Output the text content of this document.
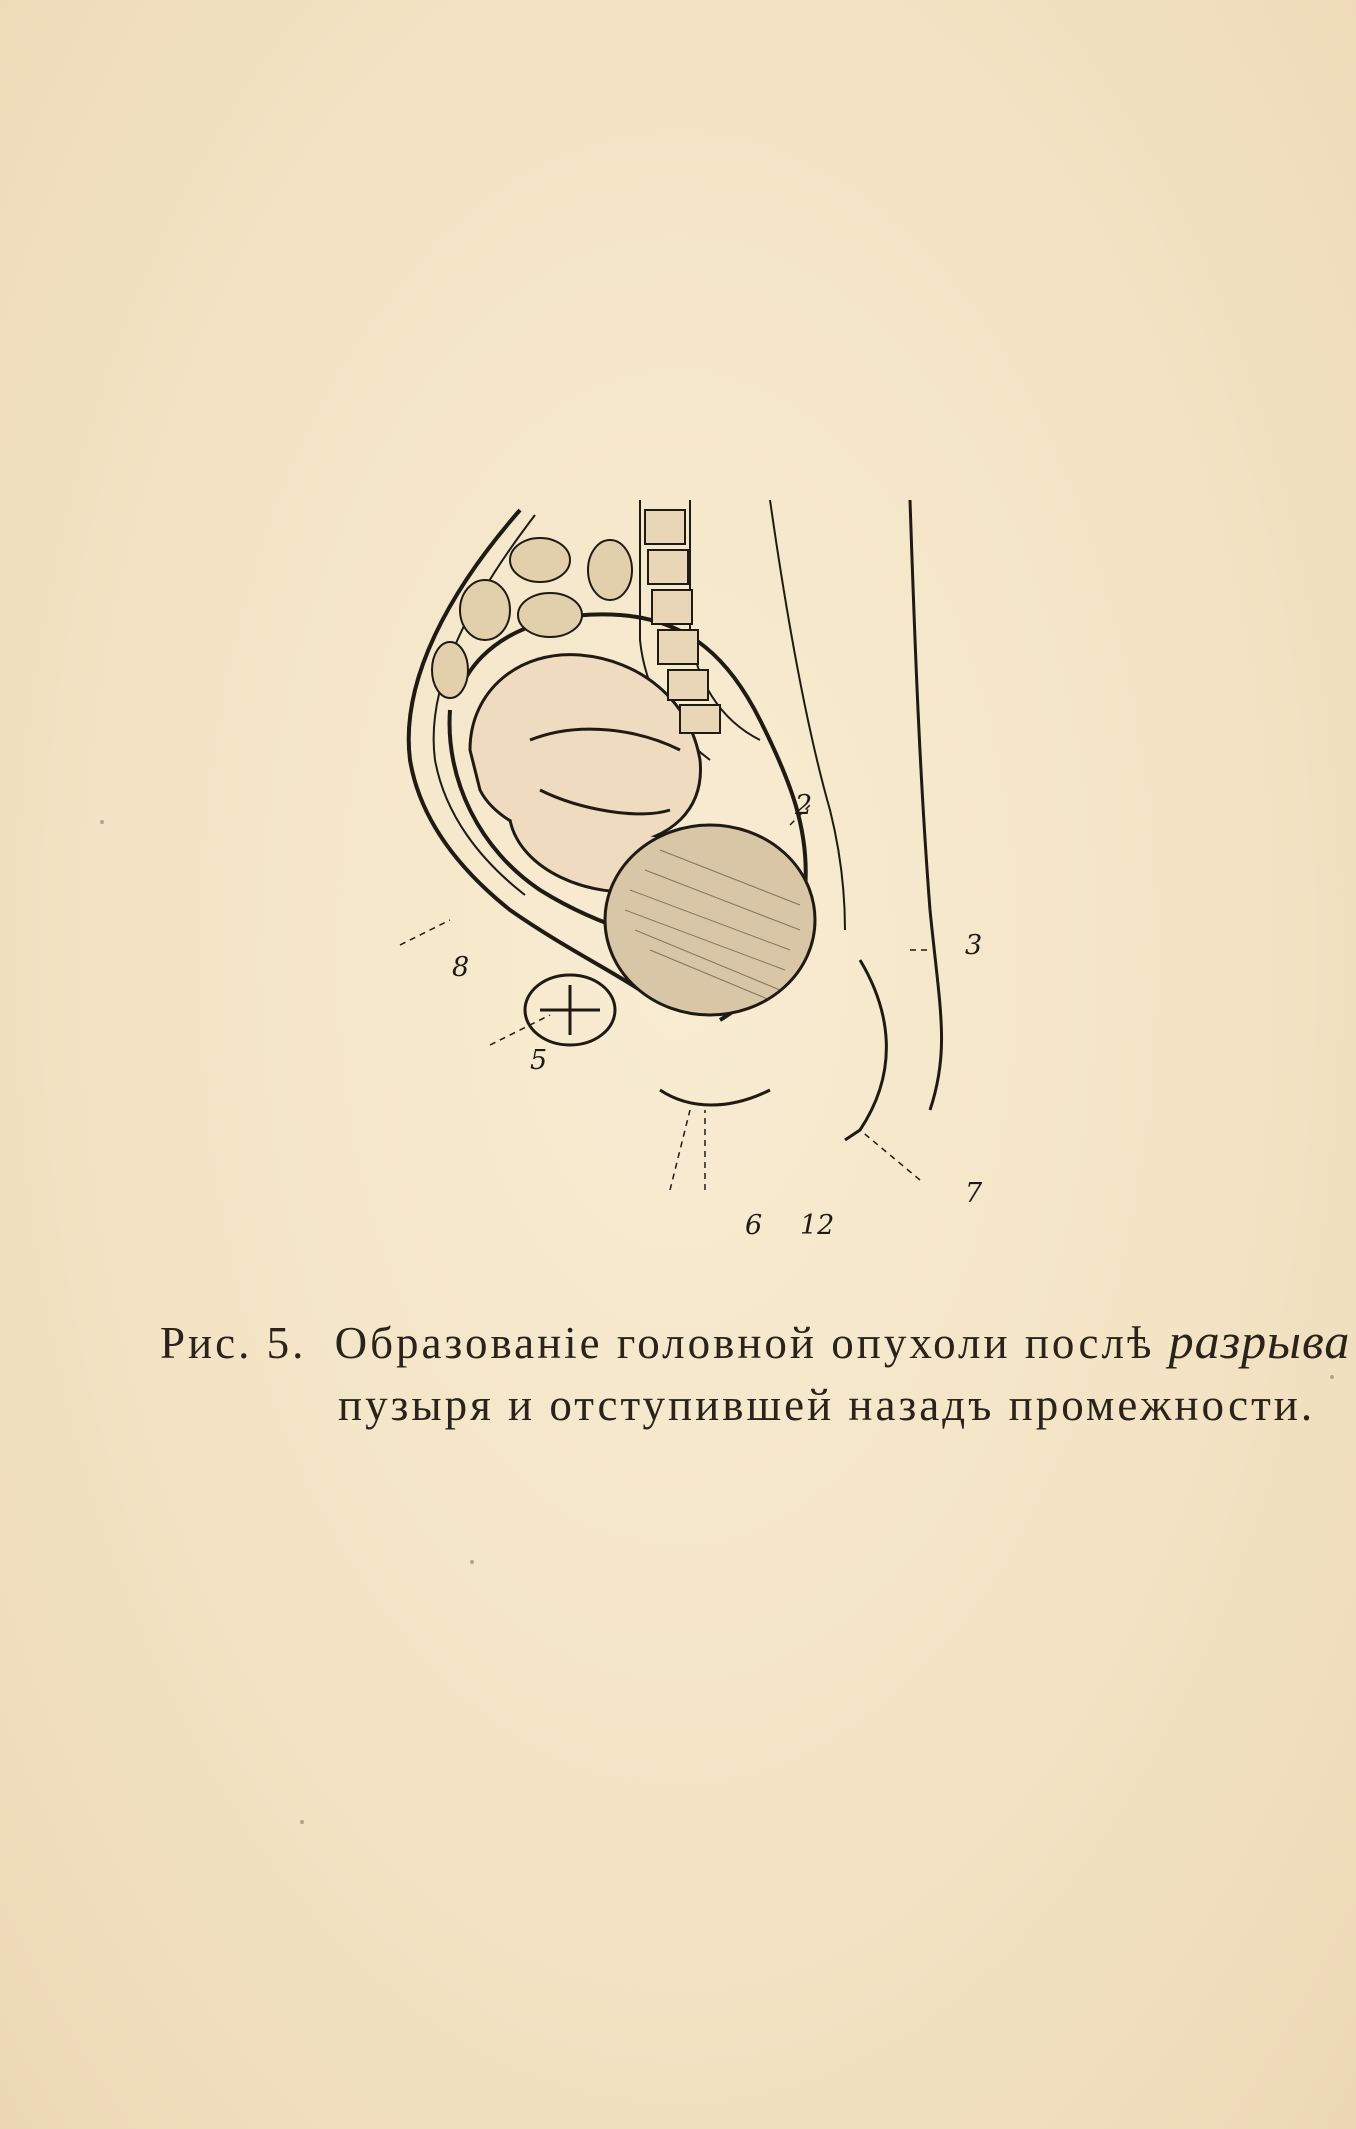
8
5
2
3
6 12
7
Рис. 5. Образованіе головной опухоли послѣ разрыва
пузыря и отступившей назадъ промежности.
